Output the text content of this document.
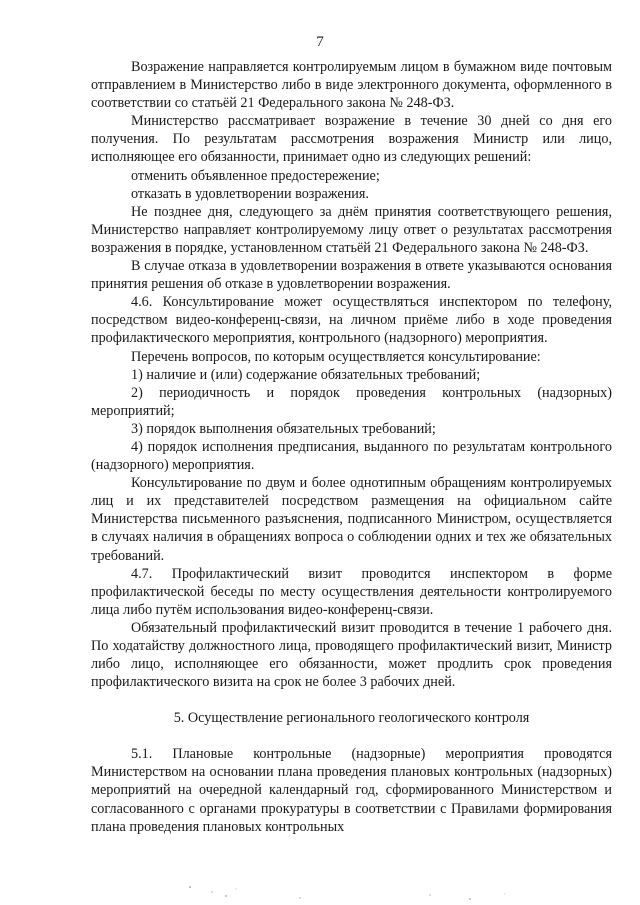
7

Возражение направляется контролируемым лицом в бумажном виде почтовым отправлением в Министерство либо в виде электронного документа, оформленного в соответствии со статьёй 21 Федерального закона № 248-ФЗ.

Министерство рассматривает возражение в течение 30 дней со дня его получения. По результатам рассмотрения возражения Министр или лицо, исполняющее его обязанности, принимает одно из следующих решений:

отменить объявленное предостережение;

отказать в удовлетворении возражения.

Не позднее дня, следующего за днём принятия соответствующего решения, Министерство направляет контролируемому лицу ответ о результатах рассмотрения возражения в порядке, установленном статьёй 21 Федерального закона № 248-ФЗ.

В случае отказа в удовлетворении возражения в ответе указываются основания принятия решения об отказе в удовлетворении возражения.

4.6. Консультирование может осуществляться инспектором по телефону, посредством видео-конференц-связи, на личном приёме либо в ходе проведения профилактического мероприятия, контрольного (надзорного) мероприятия.

Перечень вопросов, по которым осуществляется консультирование:

1) наличие и (или) содержание обязательных требований;

2) периодичность и порядок проведения контрольных (надзорных) мероприятий;

3) порядок выполнения обязательных требований;

4) порядок исполнения предписания, выданного по результатам контрольного (надзорного) мероприятия.

Консультирование по двум и более однотипным обращениям контролируемых лиц и их представителей посредством размещения на официальном сайте Министерства письменного разъяснения, подписанного Министром, осуществляется в случаях наличия в обращениях вопроса о соблюдении одних и тех же обязательных требований.

4.7. Профилактический визит проводится инспектором в форме профилактической беседы по месту осуществления деятельности контролируемого лица либо путём использования видео-конференц-связи.

Обязательный профилактический визит проводится в течение 1 рабочего дня. По ходатайству должностного лица, проводящего профилактический визит, Министр либо лицо, исполняющее его обязанности, может продлить срок проведения профилактического визита на срок не более 3 рабочих дней.

5. Осуществление регионального геологического контроля

5.1. Плановые контрольные (надзорные) мероприятия проводятся Министерством на основании плана проведения плановых контрольных (надзорных) мероприятий на очередной календарный год, сформированного Министерством и согласованного с органами прокуратуры в соответствии с Правилами формирования плана проведения плановых контрольных
